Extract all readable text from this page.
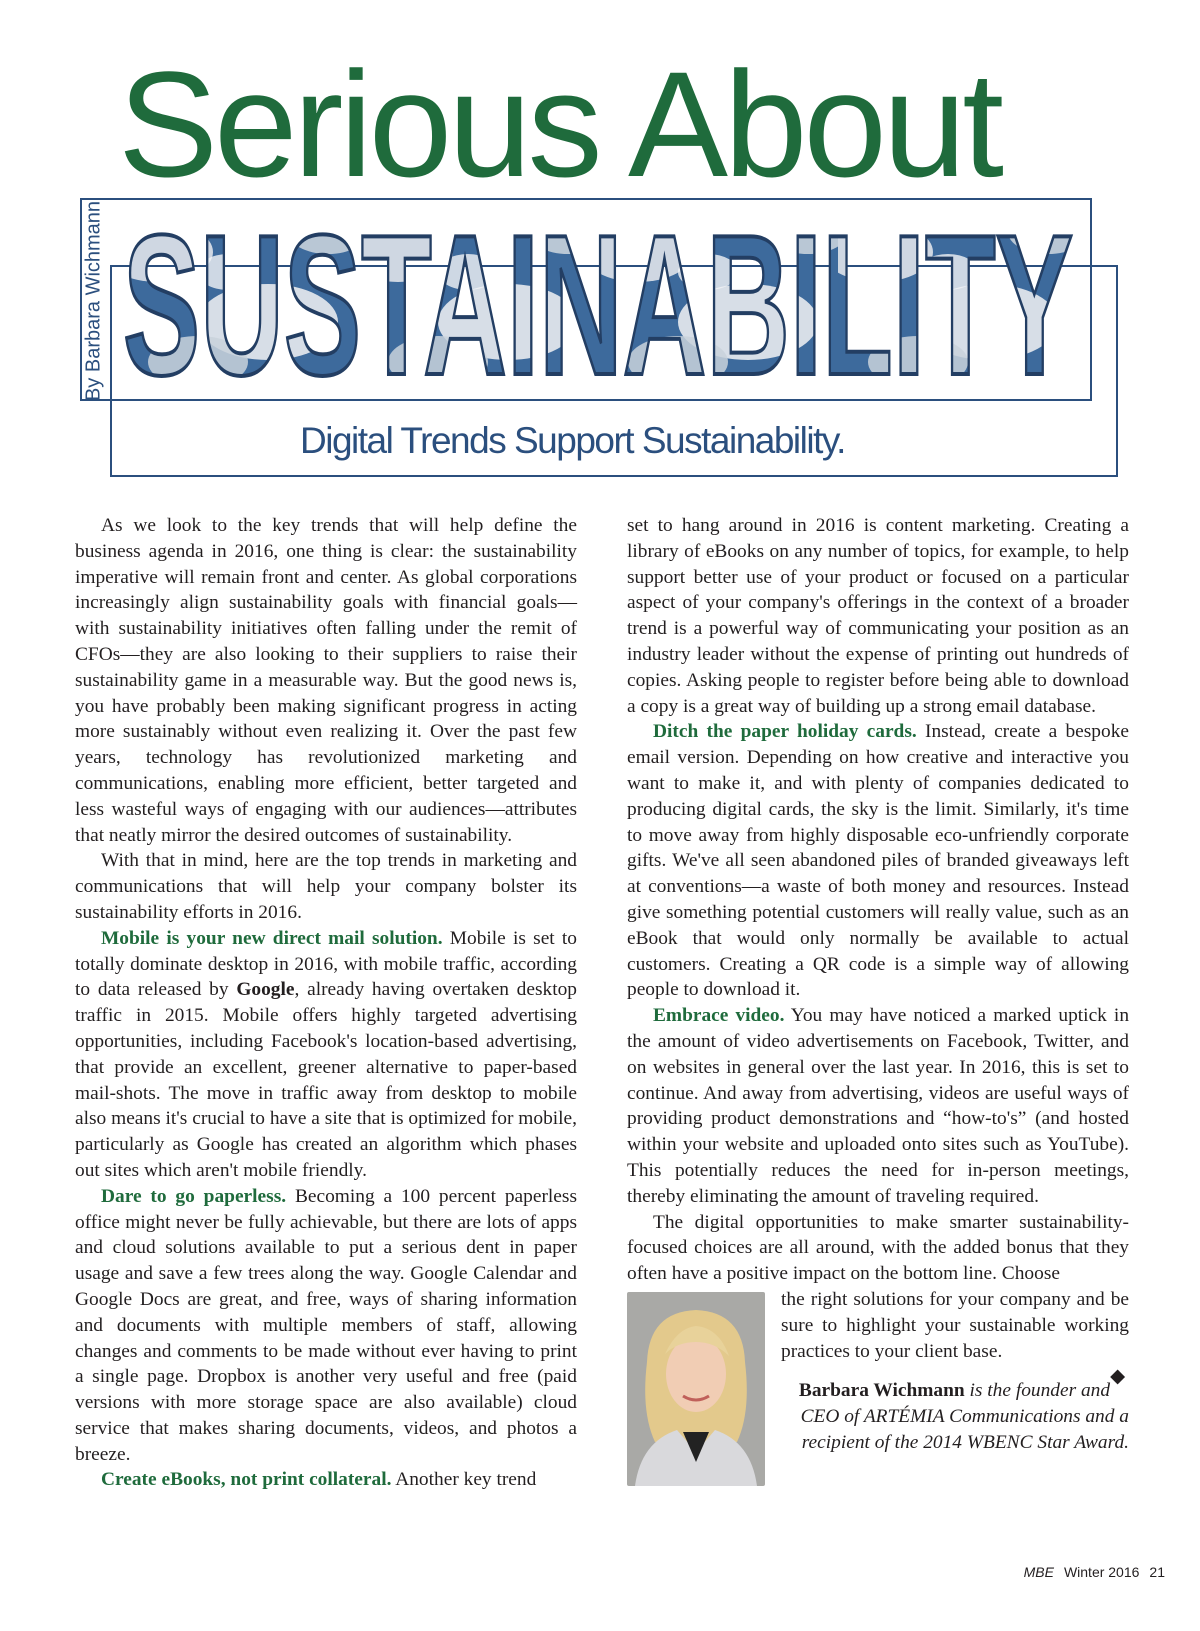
Serious About
By Barbara Wichmann SUSTAINABILITY
Digital Trends Support Sustainability.

As we look to the key trends that will help define the business agenda in 2016, one thing is clear: the sustainability imperative will remain front and center. As global corporations increasingly align sustainability goals with financial goals—with sustainability initiatives often falling under the remit of CFOs—they are also looking to their suppliers to raise their sustainability game in a measurable way. But the good news is, you have probably been making significant progress in acting more sustainably without even realizing it. Over the past few years, technology has revolutionized marketing and communications, enabling more efficient, better targeted and less wasteful ways of engaging with our audiences—attributes that neatly mirror the desired outcomes of sustainability.

With that in mind, here are the top trends in marketing and communications that will help your company bolster its sustainability efforts in 2016.

Mobile is your new direct mail solution. Mobile is set to totally dominate desktop in 2016, with mobile traffic, according to data released by Google, already having overtaken desktop traffic in 2015. Mobile offers highly targeted advertising opportunities, including Facebook's location-based advertising, that provide an excellent, greener alternative to paper-based mail-shots. The move in traffic away from desktop to mobile also means it's crucial to have a site that is optimized for mobile, particularly as Google has created an algorithm which phases out sites which aren't mobile friendly.

Dare to go paperless. Becoming a 100 percent paperless office might never be fully achievable, but there are lots of apps and cloud solutions available to put a serious dent in paper usage and save a few trees along the way. Google Calendar and Google Docs are great, and free, ways of sharing information and documents with multiple members of staff, allowing changes and comments to be made without ever having to print a single page. Dropbox is another very useful and free (paid versions with more storage space are also available) cloud service that makes sharing documents, videos, and photos a breeze.

Create eBooks, not print collateral. Another key trend

set to hang around in 2016 is content marketing. Creating a library of eBooks on any number of topics, for example, to help support better use of your product or focused on a particular aspect of your company's offerings in the context of a broader trend is a powerful way of communicating your position as an industry leader without the expense of printing out hundreds of copies. Asking people to register before being able to download a copy is a great way of building up a strong email database.

Ditch the paper holiday cards. Instead, create a bespoke email version. Depending on how creative and interactive you want to make it, and with plenty of companies dedicated to producing digital cards, the sky is the limit. Similarly, it's time to move away from highly disposable eco-unfriendly corporate gifts. We've all seen abandoned piles of branded giveaways left at conventions—a waste of both money and resources. Instead give something potential customers will really value, such as an eBook that would only normally be available to actual customers. Creating a QR code is a simple way of allowing people to download it.

Embrace video. You may have noticed a marked uptick in the amount of video advertisements on Facebook, Twitter, and on websites in general over the last year. In 2016, this is set to continue. And away from advertising, videos are useful ways of providing product demonstrations and “how-to's” (and hosted within your website and uploaded onto sites such as YouTube). This potentially reduces the need for in-person meetings, thereby eliminating the amount of traveling required.

The digital opportunities to make smarter sustainability-focused choices are all around, with the added bonus that they often have a positive impact on the bottom line. Choose

the right solutions for your company and be sure to highlight your sustainable working practices to your client base.

◆

Barbara Wichmann is the founder and CEO of ARTÉMIA Communications and a recipient of the 2014 WBENC Star Award.
MBE Winter 2016 21
